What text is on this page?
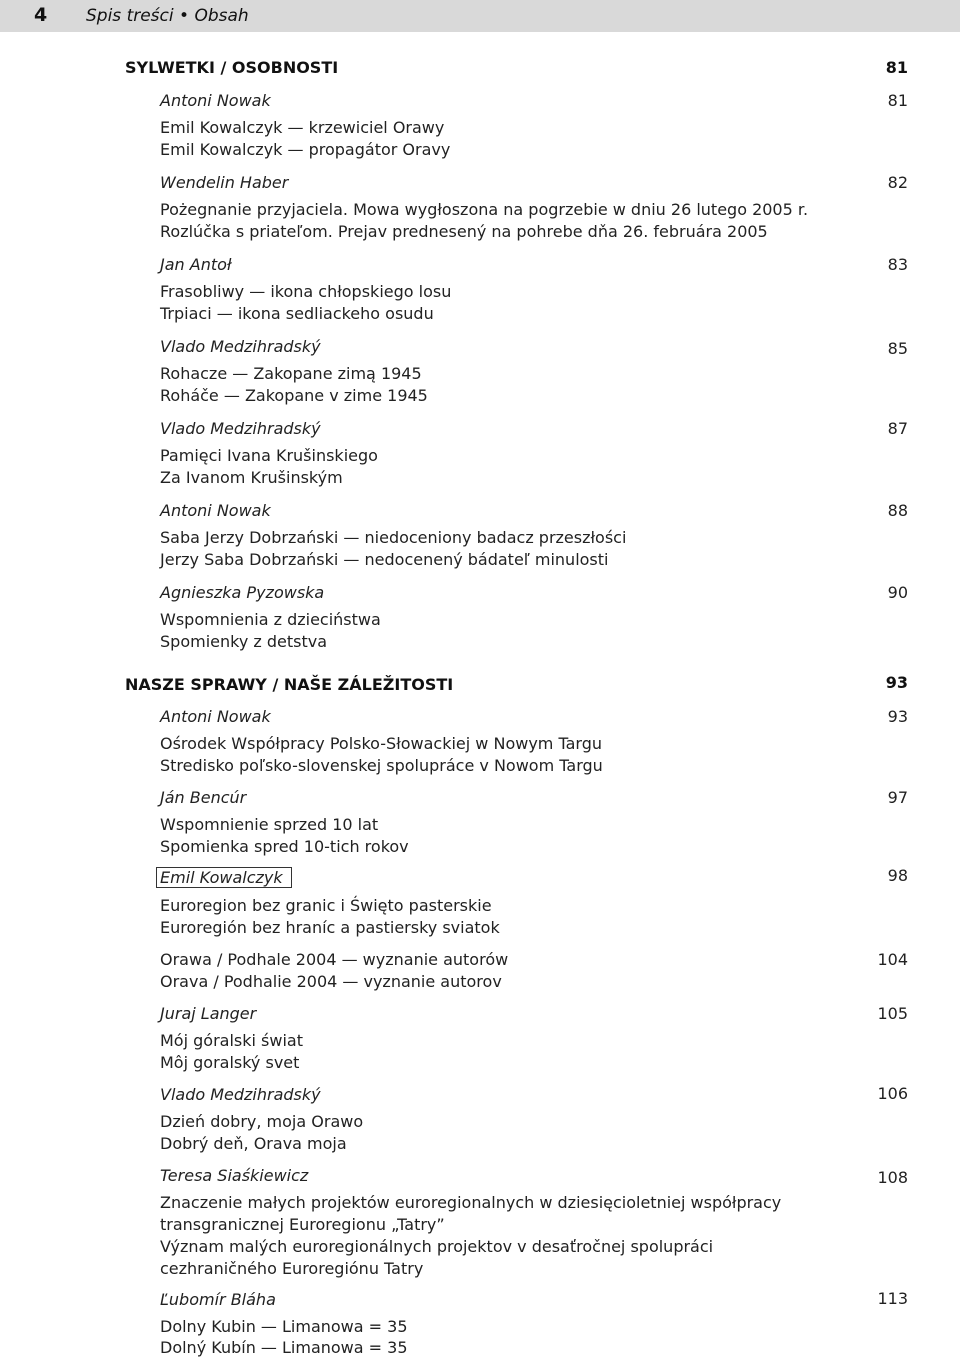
4 Spis treści • Obsah
SYLWETKI / OSOBNOSTI	81
Antoni Nowak	81
Emil Kowalczyk — krzewiciel Orawy
Emil Kowalczyk — propagátor Oravy
Wendelin Haber	82
Pożegnanie przyjaciela. Mowa wygłoszona na pogrzebie w dniu 26 lutego 2005 r.
Rozlúčka s priateľom. Prejav prednesený na pohrebe dňa 26. februára 2005
Jan Antoł	83
Frasobliwy — ikona chłopskiego losu
Trpiaci — ikona sedliackeho osudu
Vlado Medzihradský	85
Rohacze — Zakopane zimą 1945
Roháče — Zakopane v zime 1945
Vlado Medzihradský	87
Pamięci Ivana Krušinskiego
Za Ivanom Krušinským
Antoni Nowak	88
Saba Jerzy Dobrzański — niedoceniony badacz przeszłości
Jerzy Saba Dobrzański — nedocenený bádateľ minulosti
Agnieszka Pyzowska	90
Wspomnienia z dzieciństwa
Spomienky z detstva
NASZE SPRAWY / NAŠE ZÁLEŽITOSTI	93
Antoni Nowak	93
Ośrodek Współpracy Polsko-Słowackiej w Nowym Targu
Stredisko poľsko-slovenskej spolupráce v Nowom Targu
Ján Bencúr	97
Wspomnienie sprzed 10 lat
Spomienka spred 10-tich rokov
Emil Kowalczyk	98
Euroregion bez granic i Święto pasterskie
Euroregión bez hraníc a pastiersky sviatok
Orawa / Podhale 2004 — wyznanie autorów	104
Orava / Podhalie 2004 — vyznanie autorov
Juraj Langer	105
Mój góralski świat
Môj goralský svet
Vlado Medzihradský	106
Dzień dobry, moja Orawo
Dobrý deň, Orava moja
Teresa Siaśkiewicz	108
Znaczenie małych projektów euroregionalnych w dziesięcioletniej współpracy
transgranicznej Euroregionu „Tatry”
Význam malých euroregionálnych projektov v desaťročnej spolupráci
cezhraničného Euroregiónu Tatry
Ľubomír Bláha	113
Dolny Kubin — Limanowa = 35
Dolný Kubín — Limanowa = 35
